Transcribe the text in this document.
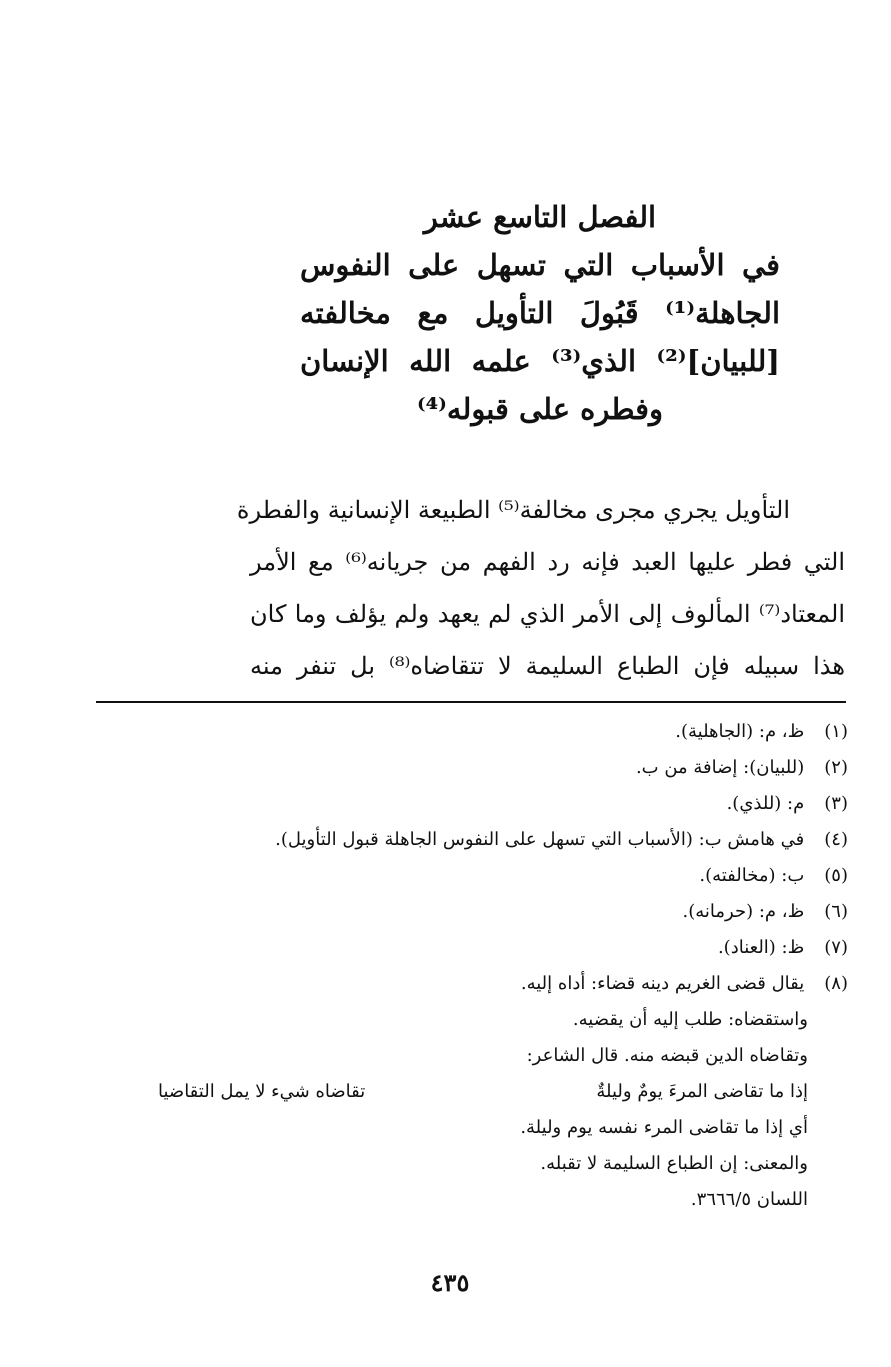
الفصل التاسع عشر
في الأسباب التي تسهل على النفوس
الجاهلة⁽¹⁾ قَبُولَ التأويل مع مخالفته
[للبيان]⁽²⁾ الذي⁽³⁾ علمه الله الإنسان
وفطره على قبوله⁽⁴⁾
التأويل يجري مجرى مخالفة⁽⁵⁾ الطبيعة الإنسانية والفطرة
التي فطر عليها العبد فإنه رد الفهم من جريانه⁽⁶⁾ مع الأمر
المعتاد⁽⁷⁾ المألوف إلى الأمر الذي لم يعهد ولم يؤلف وما كان
هذا سبيله فإن الطباع السليمة لا تتقاضاه⁽⁸⁾ بل تنفر منه
(١) ظ، م: (الجاهلية).
(٢) (للبيان): إضافة من ب.
(٣) م: (للذي).
(٤) في هامش ب: (الأسباب التي تسهل على النفوس الجاهلة قبول التأويل).
(٥) ب: (مخالفته).
(٦) ظ، م: (حرمانه).
(٧) ظ: (العناد).
(٨) يقال قضى الغريم دينه قضاء: أداه إليه.
واستقضاه: طلب إليه أن يقضيه.
وتقاضاه الدين قبضه منه. قال الشاعر:
إذا ما تقاضى المرءَ يومٌ وليلةٌ
تقاضاه شيء لا يمل التقاضيا
أي إذا ما تقاضى المرء نفسه يوم وليلة.
والمعنى: إن الطباع السليمة لا تقبله.
اللسان ٣٦٦٦/٥.
٤٣٥
